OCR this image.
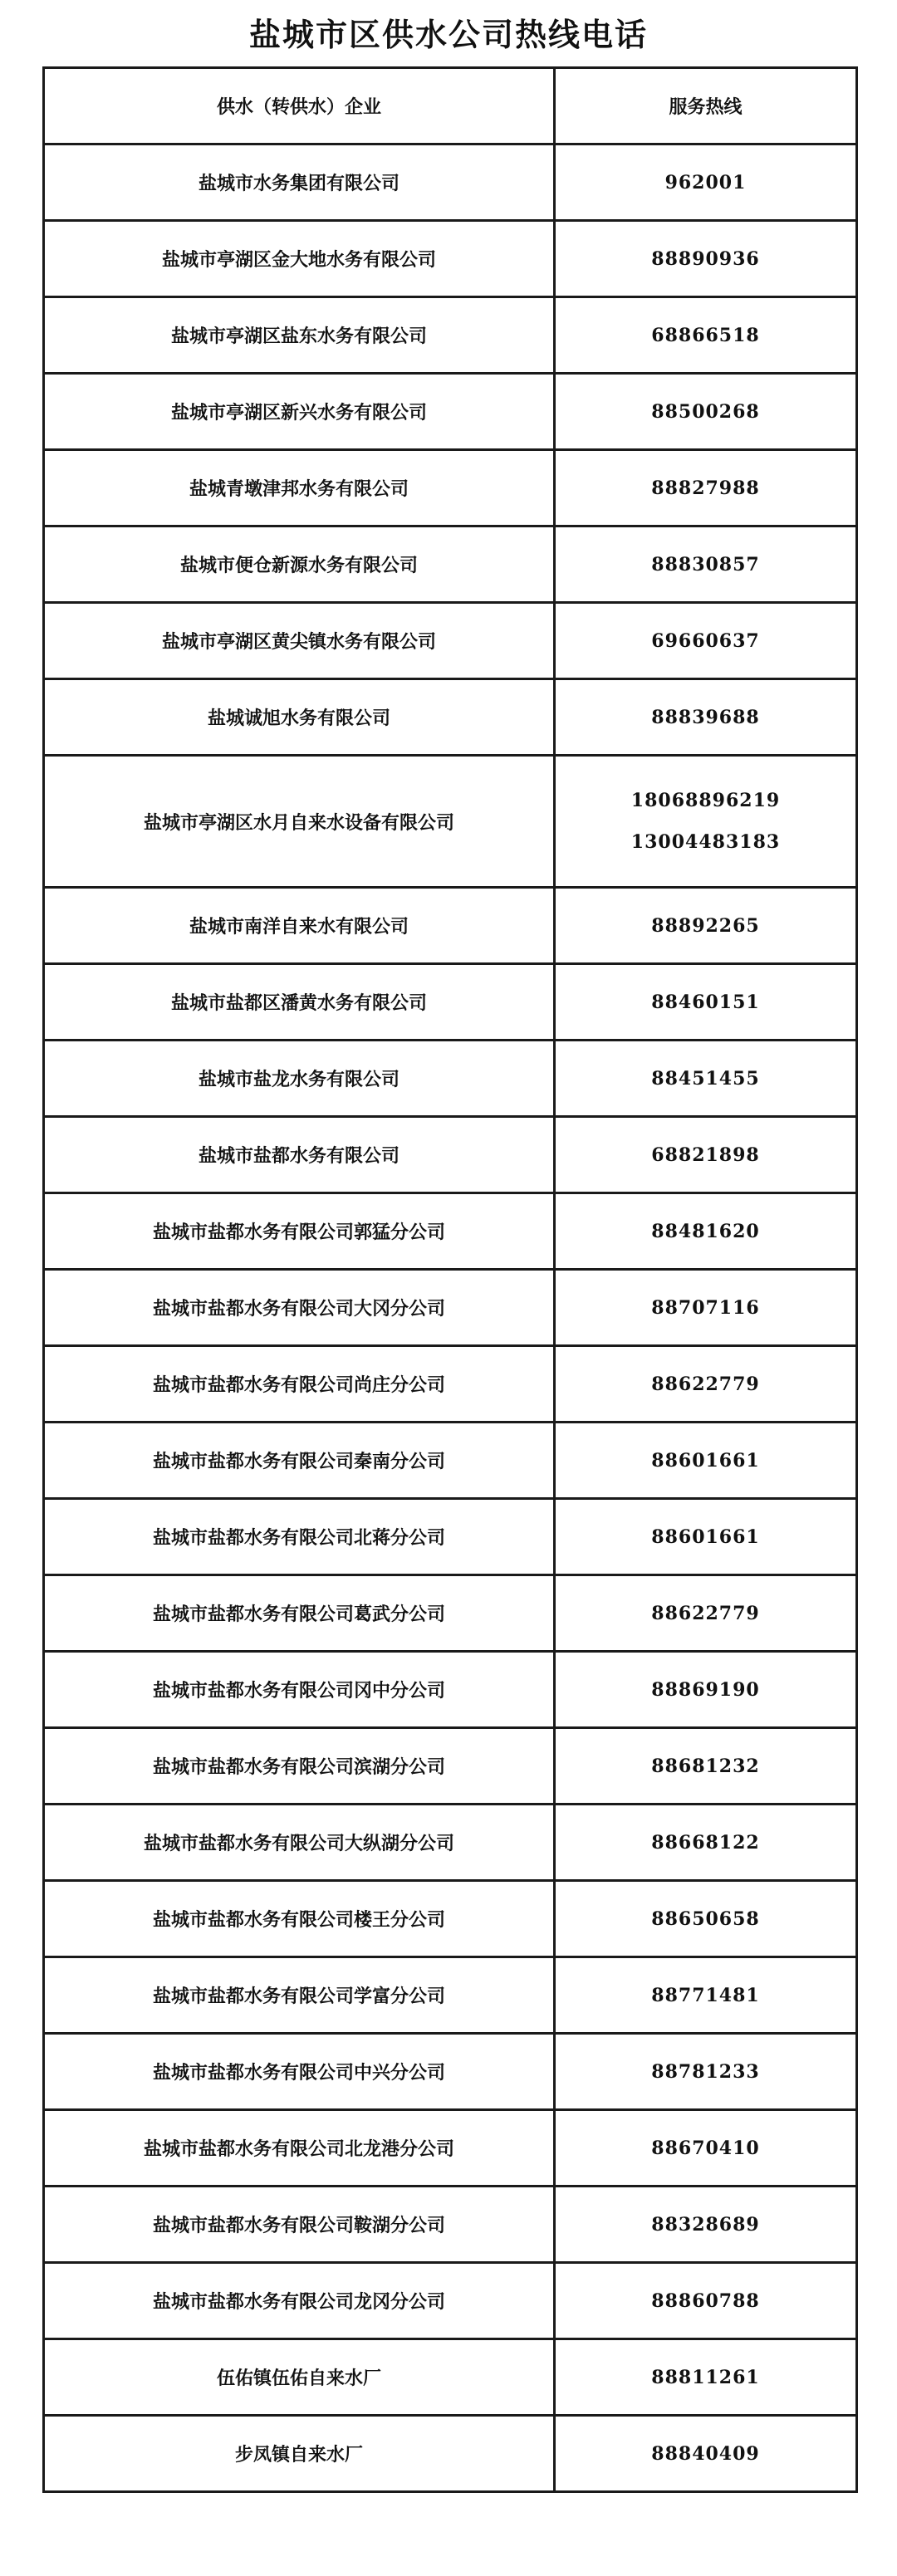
盐城市区供水公司热线电话
供水（转供水）企业	服务热线
盐城市水务集团有限公司	962001
盐城市亭湖区金大地水务有限公司	88890936
盐城市亭湖区盐东水务有限公司	68866518
盐城市亭湖区新兴水务有限公司	88500268
盐城青墩津邦水务有限公司	88827988
盐城市便仓新源水务有限公司	88830857
盐城市亭湖区黄尖镇水务有限公司	69660637
盐城诚旭水务有限公司	88839688
盐城市亭湖区水月自来水设备有限公司	18068896219
13004483183

盐城市南洋自来水有限公司	88892265
盐城市盐都区潘黄水务有限公司	88460151
盐城市盐龙水务有限公司	88451455
盐城市盐都水务有限公司	68821898
盐城市盐都水务有限公司郭猛分公司	88481620
盐城市盐都水务有限公司大冈分公司	88707116
盐城市盐都水务有限公司尚庄分公司	88622779
盐城市盐都水务有限公司秦南分公司	88601661
盐城市盐都水务有限公司北蒋分公司	88601661
盐城市盐都水务有限公司葛武分公司	88622779
盐城市盐都水务有限公司冈中分公司	88869190
盐城市盐都水务有限公司滨湖分公司	88681232
盐城市盐都水务有限公司大纵湖分公司	88668122
盐城市盐都水务有限公司楼王分公司	88650658
盐城市盐都水务有限公司学富分公司	88771481
盐城市盐都水务有限公司中兴分公司	88781233
盐城市盐都水务有限公司北龙港分公司	88670410
盐城市盐都水务有限公司鞍湖分公司	88328689
盐城市盐都水务有限公司龙冈分公司	88860788
伍佑镇伍佑自来水厂	88811261
步凤镇自来水厂	88840409
